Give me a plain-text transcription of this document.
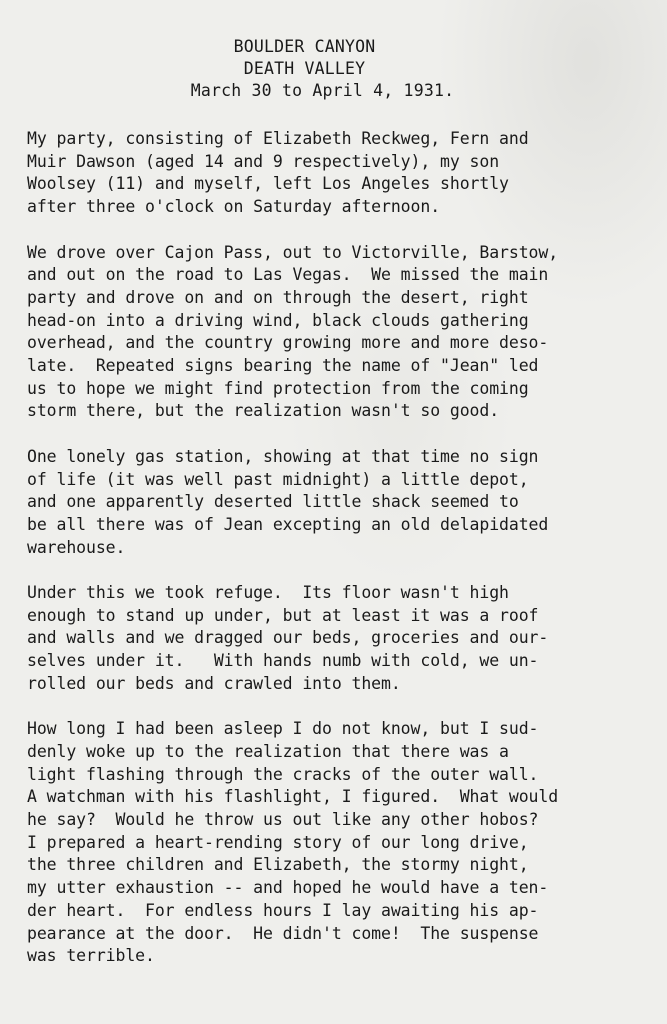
BOULDER CANYON
DEATH VALLEY
March 30 to April 4, 1931.

My party, consisting of Elizabeth Reckweg, Fern and
Muir Dawson (aged 14 and 9 respectively), my son
Woolsey (11) and myself, left Los Angeles shortly
after three o'clock on Saturday afternoon.

We drove over Cajon Pass, out to Victorville, Barstow,
and out on the road to Las Vegas.  We missed the main
party and drove on and on through the desert, right
head-on into a driving wind, black clouds gathering
overhead, and the country growing more and more deso-
late.  Repeated signs bearing the name of "Jean" led
us to hope we might find protection from the coming
storm there, but the realization wasn't so good.

One lonely gas station, showing at that time no sign
of life (it was well past midnight) a little depot,
and one apparently deserted little shack seemed to
be all there was of Jean excepting an old delapidated
warehouse.

Under this we took refuge.  Its floor wasn't high
enough to stand up under, but at least it was a roof
and walls and we dragged our beds, groceries and our-
selves under it.   With hands numb with cold, we un-
rolled our beds and crawled into them.

How long I had been asleep I do not know, but I sud-
denly woke up to the realization that there was a
light flashing through the cracks of the outer wall.
A watchman with his flashlight, I figured.  What would
he say?  Would he throw us out like any other hobos?
I prepared a heart-rending story of our long drive,
the three children and Elizabeth, the stormy night,
my utter exhaustion -- and hoped he would have a ten-
der heart.  For endless hours I lay awaiting his ap-
pearance at the door.  He didn't come!  The suspense
was terrible.
